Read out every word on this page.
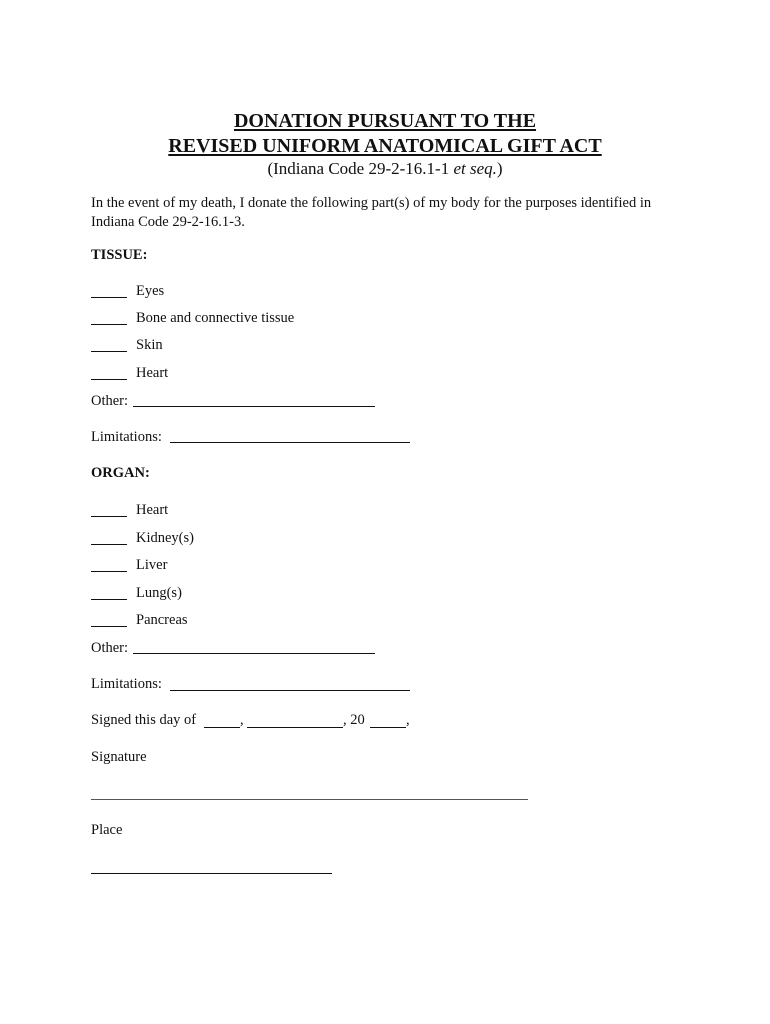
DONATION PURSUANT TO THE
REVISED UNIFORM ANATOMICAL GIFT ACT
(Indiana Code 29-2-16.1-1 et seq.)
In the event of my death, I donate the following part(s) of my body for the purposes identified in
Indiana Code 29-2-16.1-3.
TISSUE:
Eyes
Bone and connective tissue
Skin
Heart
Other:
Limitations:
ORGAN:
Heart
Kidney(s)
Liver
Lung(s)
Pancreas
Other:
Limitations:
Signed this day of	,	, 20	,
Signature
Place
